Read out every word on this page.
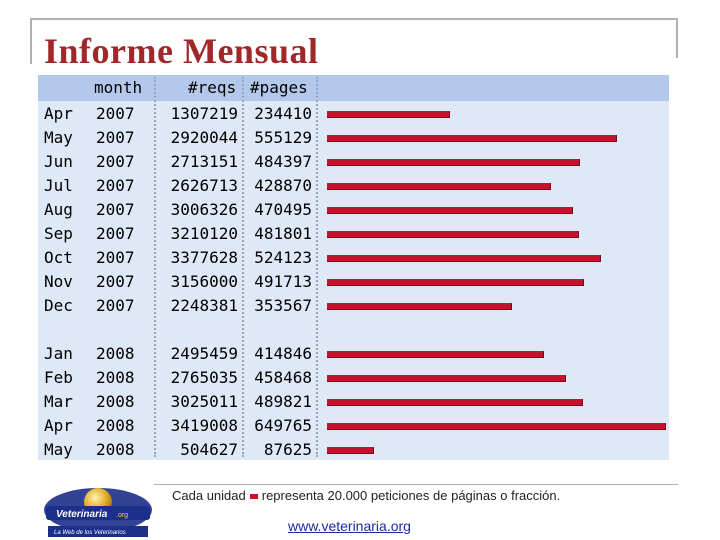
Informe Mensual
month	#reqs #pages
Apr 2007 1307219 234410
May 2007 2920044 555129
Jun 2007 2713151 484397
Jul 2007 2626713 428870
Aug 2007 3006326 470495
Sep 2007 3210120 481801
Oct 2007 3377628 524123
Nov 2007 3156000 491713
Dec 2007 2248381 353567
Jan 2008 2495459 414846
Feb 2008 2765035 458468
Mar 2008 3025011 489821
Apr 2008 3419008 649765
May 2008	504627 87625
Veterinaria .org
La Web de los Veterinarios
Cada unidad representa 20.000 peticiones de páginas o fracción.
www.veterinaria.org
